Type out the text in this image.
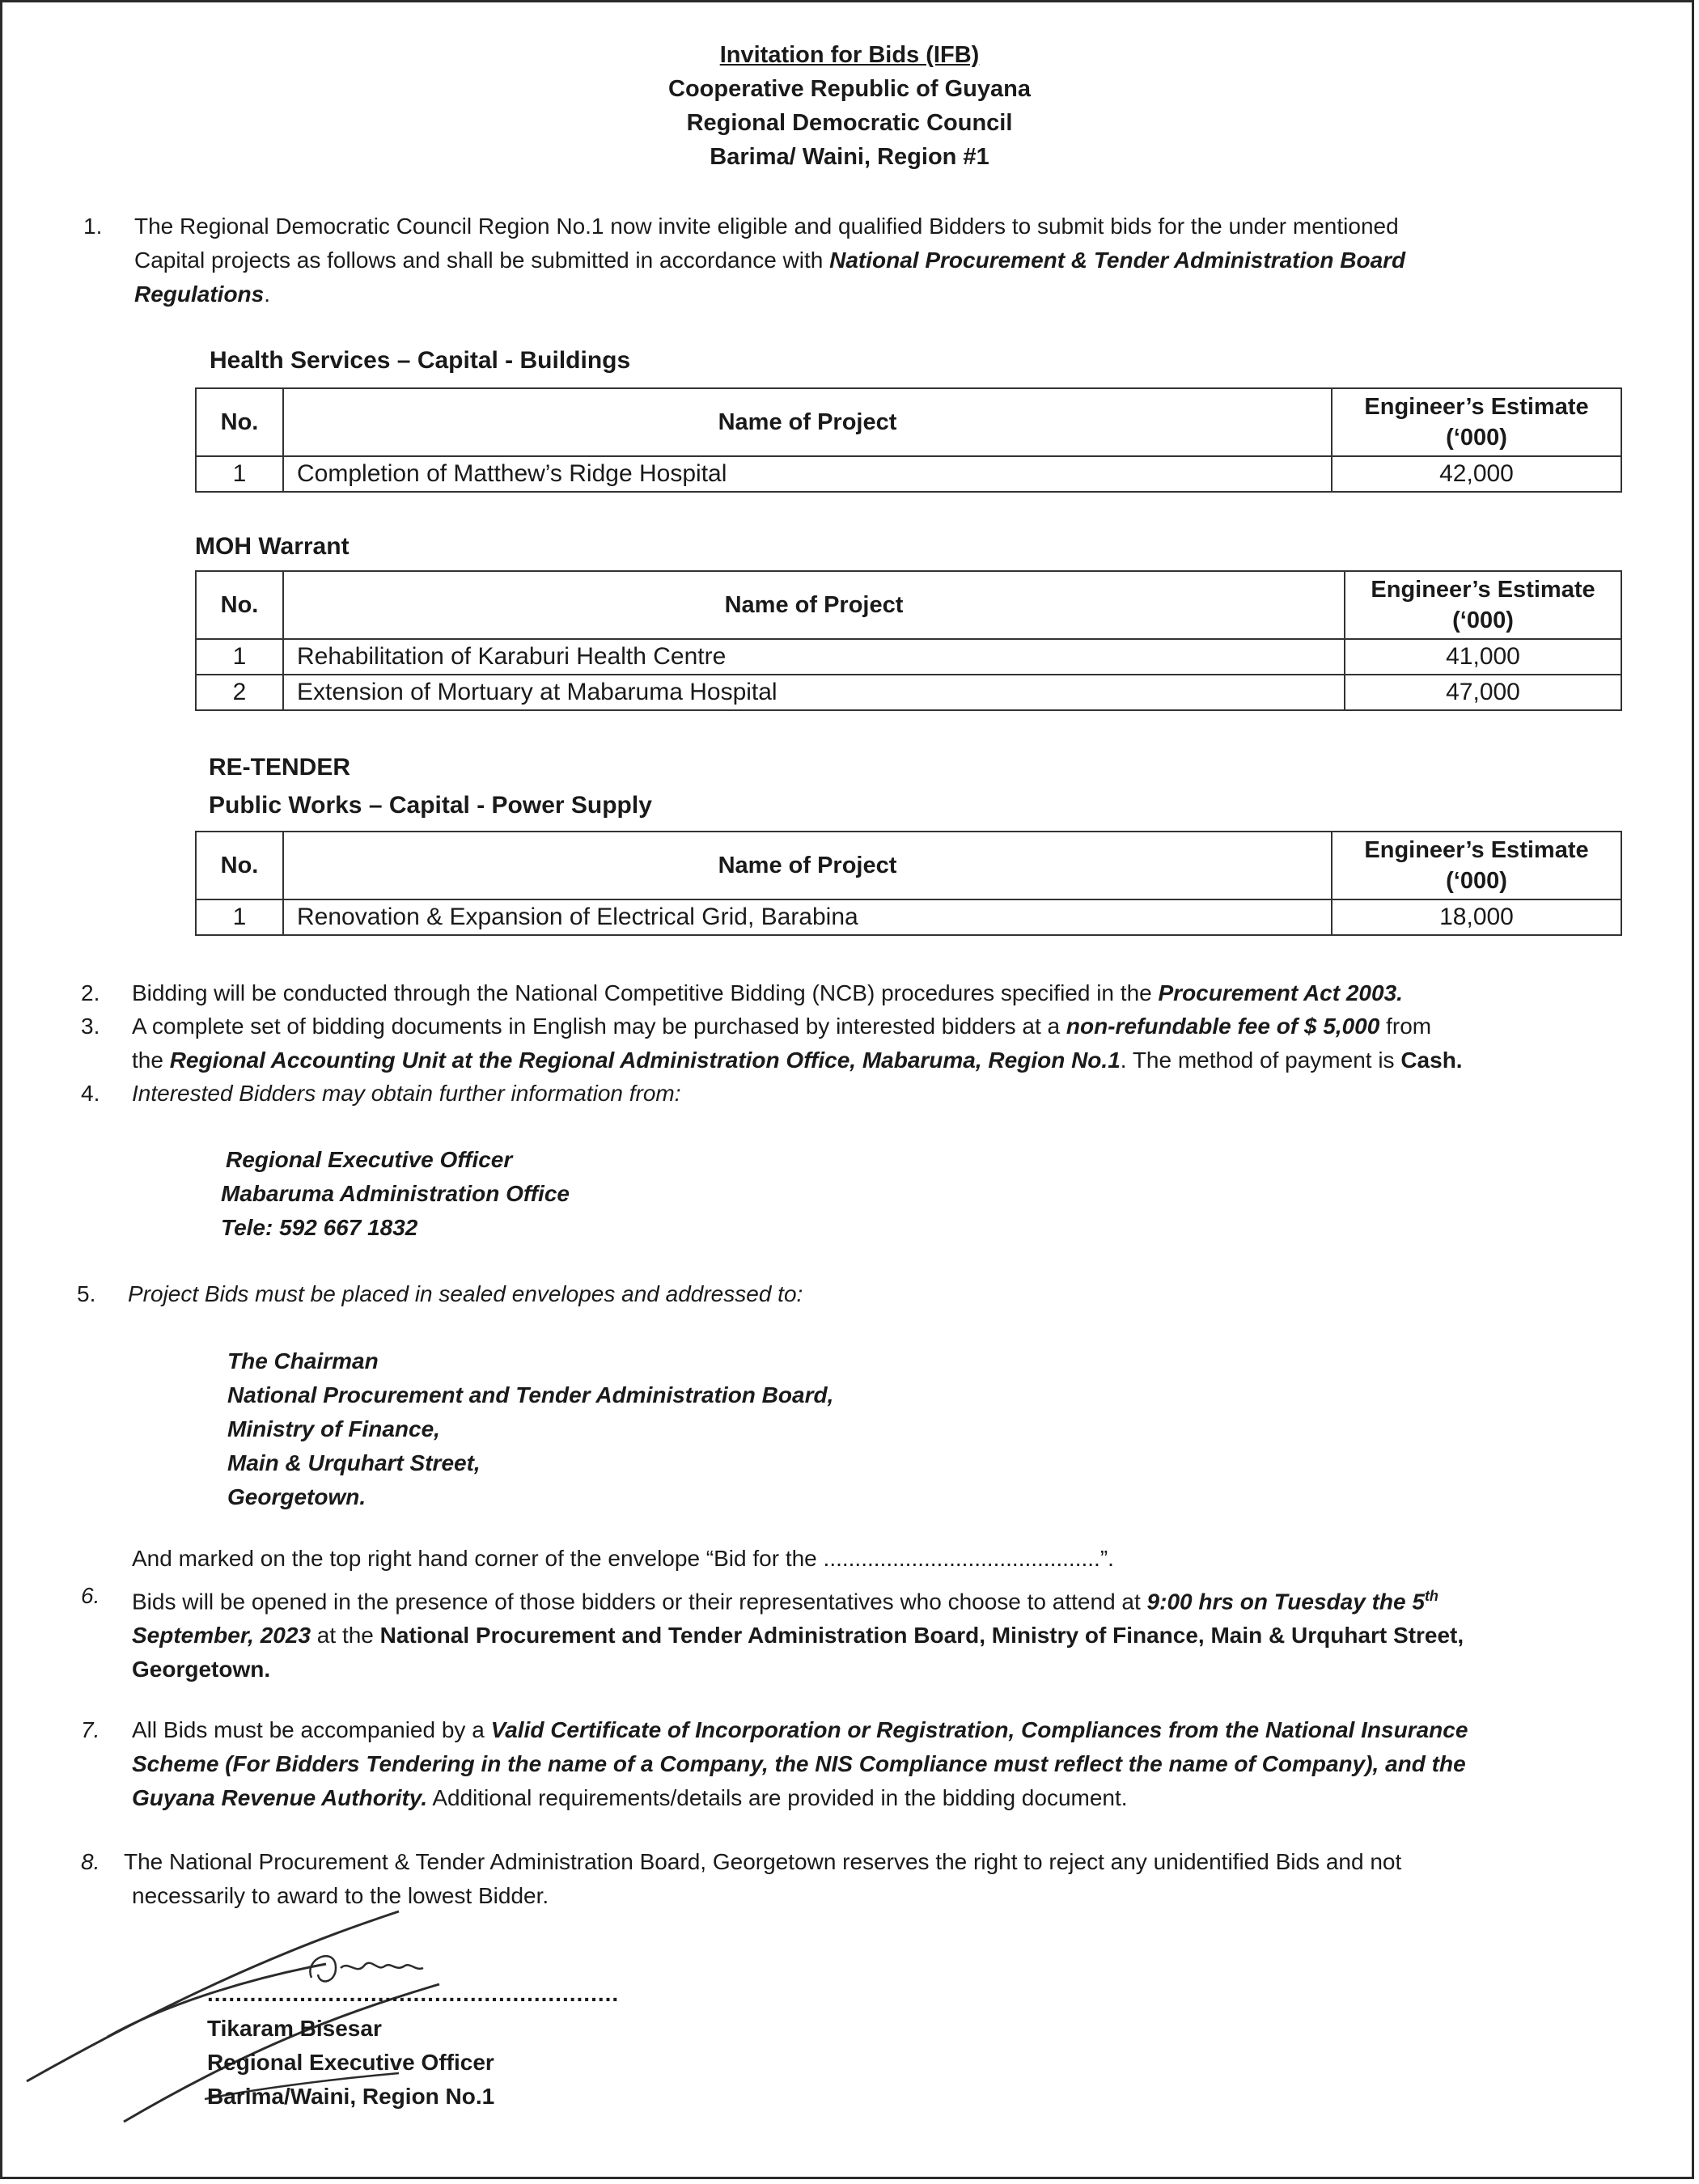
Invitation for Bids (IFB)
Cooperative Republic of Guyana
Regional Democratic Council
Barima/ Waini, Region #1
1. The Regional Democratic Council Region No.1 now invite eligible and qualified Bidders to submit bids for the under mentioned
Capital projects as follows and shall be submitted in accordance with National Procurement & Tender Administration Board
Regulations.
Health Services – Capital - Buildings
No.	Name of Project	Engineer’s Estimate
(‘000)

1	Completion of Matthew’s Ridge Hospital	42,000
MOH Warrant
No.	Name of Project	Engineer’s Estimate
(‘000)

1	Rehabilitation of Karaburi Health Centre	41,000
2	Extension of Mortuary at Mabaruma Hospital	47,000
RE-TENDER
Public Works – Capital - Power Supply
No.	Name of Project	Engineer’s Estimate
(‘000)

1	Renovation & Expansion of Electrical Grid, Barabina	18,000
2. Bidding will be conducted through the National Competitive Bidding (NCB) procedures specified in the Procurement Act 2003.
3. A complete set of bidding documents in English may be purchased by interested bidders at a non-refundable fee of $ 5,000 from
the Regional Accounting Unit at the Regional Administration Office, Mabaruma, Region No.1. The method of payment is Cash.
4. Interested Bidders may obtain further information from:
Regional Executive Officer
Mabaruma Administration Office
Tele: 592 667 1832
5. Project Bids must be placed in sealed envelopes and addressed to:
The Chairman
National Procurement and Tender Administration Board,
Ministry of Finance,
Main & Urquhart Street,
Georgetown.
And marked on the top right hand corner of the envelope “Bid for the ............................................”.
6. Bids will be opened in the presence of those bidders or their representatives who choose to attend at 9:00 hrs on Tuesday the 5th
September, 2023 at the National Procurement and Tender Administration Board, Ministry of Finance, Main & Urquhart Street,
Georgetown.
7. All Bids must be accompanied by a Valid Certificate of Incorporation or Registration, Compliances from the National Insurance
Scheme (For Bidders Tendering in the name of a Company, the NIS Compliance must reflect the name of Company), and the
Guyana Revenue Authority. Additional requirements/details are provided in the bidding document.
8. The National Procurement & Tender Administration Board, Georgetown reserves the right to reject any unidentified Bids and not
necessarily to award to the lowest Bidder.
..........................................................
Tikaram Bisesar
Regional Executive Officer
Barima/Waini, Region No.1
